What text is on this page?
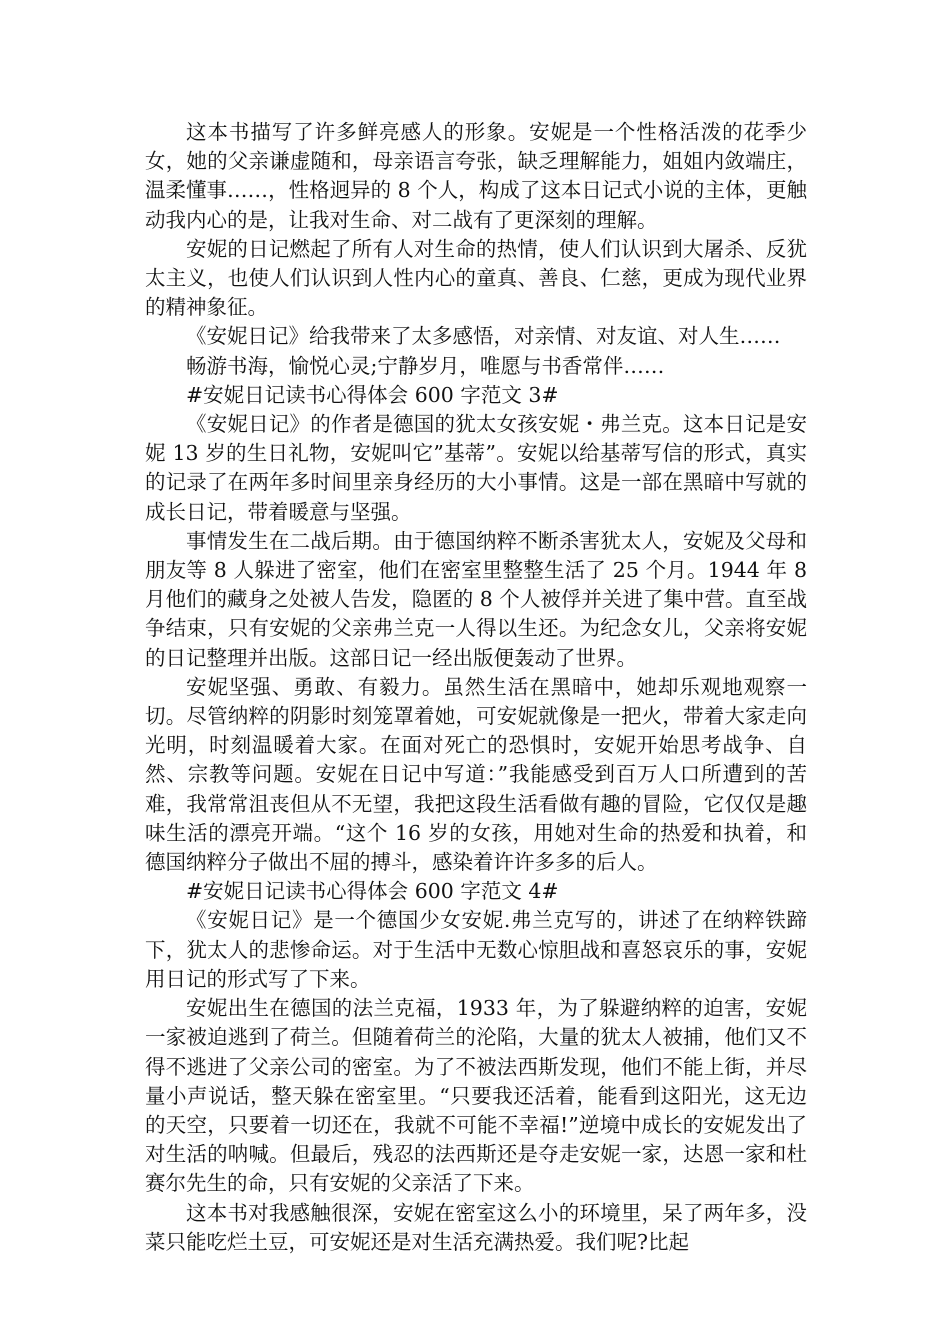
这本书描写了许多鲜亮感人的形象。安妮是一个性格活泼的花季少女，她的父亲谦虚随和，母亲语言夸张，缺乏理解能力，姐姐内敛端庄，温柔懂事……，性格迥异的 8 个人，构成了这本日记式小说的主体，更触动我内心的是，让我对生命、对二战有了更深刻的理解。

安妮的日记燃起了所有人对生命的热情，使人们认识到大屠杀、反犹太主义，也使人们认识到人性内心的童真、善良、仁慈，更成为现代业界的精神象征。

《安妮日记》给我带来了太多感悟，对亲情、对友谊、对人生……

畅游书海，愉悦心灵;宁静岁月，唯愿与书香常伴……

#安妮日记读书心得体会 600 字范文 3#

《安妮日记》的作者是德国的犹太女孩安妮・弗兰克。这本日记是安妮 13 岁的生日礼物，安妮叫它”基蒂”。安妮以给基蒂写信的形式，真实的记录了在两年多时间里亲身经历的大小事情。这是一部在黑暗中写就的成长日记，带着暖意与坚强。

事情发生在二战后期。由于德国纳粹不断杀害犹太人，安妮及父母和朋友等 8 人躲进了密室，他们在密室里整整生活了 25 个月。1944 年 8 月他们的藏身之处被人告发，隐匿的 8 个人被俘并关进了集中营。直至战争结束，只有安妮的父亲弗兰克一人得以生还。为纪念女儿，父亲将安妮的日记整理并出版。这部日记一经出版便轰动了世界。

安妮坚强、勇敢、有毅力。虽然生活在黑暗中，她却乐观地观察一切。尽管纳粹的阴影时刻笼罩着她，可安妮就像是一把火，带着大家走向光明，时刻温暖着大家。在面对死亡的恐惧时，安妮开始思考战争、自然、宗教等问题。安妮在日记中写道：”我能感受到百万人口所遭到的苦难，我常常沮丧但从不无望，我把这段生活看做有趣的冒险，它仅仅是趣味生活的漂亮开端。“这个 16 岁的女孩，用她对生命的热爱和执着，和德国纳粹分子做出不屈的搏斗，感染着许许多多的后人。

#安妮日记读书心得体会 600 字范文 4#

《安妮日记》是一个德国少女安妮.弗兰克写的，讲述了在纳粹铁蹄下，犹太人的悲惨命运。对于生活中无数心惊胆战和喜怒哀乐的事，安妮用日记的形式写了下来。

安妮出生在德国的法兰克福，1933 年，为了躲避纳粹的迫害，安妮一家被迫逃到了荷兰。但随着荷兰的沦陷，大量的犹太人被捕，他们又不得不逃进了父亲公司的密室。为了不被法西斯发现，他们不能上街，并尽量小声说话，整天躲在密室里。“只要我还活着，能看到这阳光，这无边的天空，只要着一切还在，我就不可能不幸福!”逆境中成长的安妮发出了对生活的呐喊。但最后，残忍的法西斯还是夺走安妮一家，达恩一家和杜赛尔先生的命，只有安妮的父亲活了下来。

这本书对我感触很深，安妮在密室这么小的环境里，呆了两年多，没菜只能吃烂土豆，可安妮还是对生活充满热爱。我们呢?比起
